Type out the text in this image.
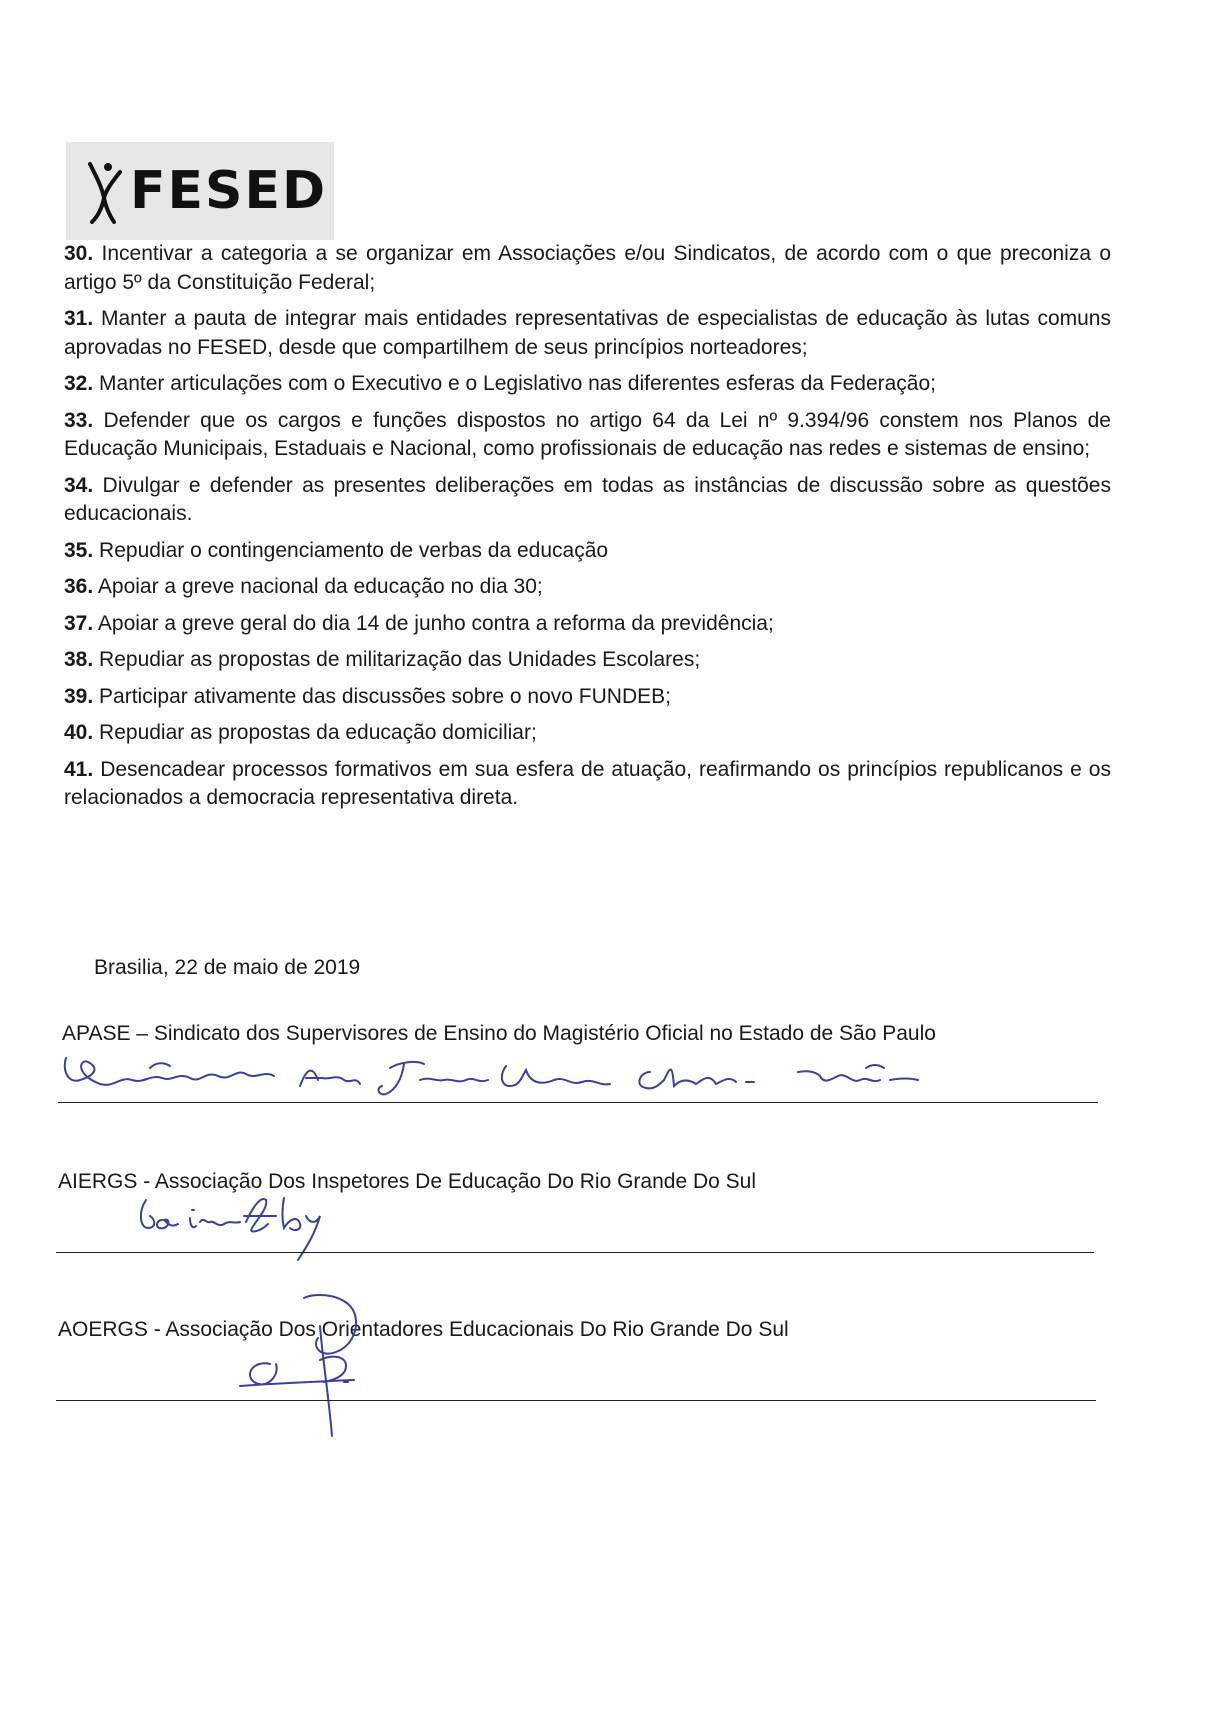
FESED
30. Incentivar a categoria a se organizar em Associações e/ou Sindicatos, de acordo com o que preconiza o artigo 5º da Constituição Federal;
31. Manter a pauta de integrar mais entidades representativas de especialistas de educação às lutas comuns aprovadas no FESED, desde que compartilhem de seus princípios norteadores;
32. Manter articulações com o Executivo e o Legislativo nas diferentes esferas da Federação;
33. Defender que os cargos e funções dispostos no artigo 64 da Lei nº 9.394/96 constem nos Planos de Educação Municipais, Estaduais e Nacional, como profissionais de educação nas redes e sistemas de ensino;
34. Divulgar e defender as presentes deliberações em todas as instâncias de discussão sobre as questões educacionais.
35. Repudiar o contingenciamento de verbas da educação
36. Apoiar a greve nacional da educação no dia 30;
37. Apoiar a greve geral do dia 14 de junho contra a reforma da previdência;
38. Repudiar as propostas de militarização das Unidades Escolares;
39. Participar ativamente das discussões sobre o novo FUNDEB;
40. Repudiar as propostas da educação domiciliar;
41. Desencadear processos formativos em sua esfera de atuação, reafirmando os princípios republicanos e os relacionados a democracia representativa direta.
Brasilia, 22 de maio de 2019
APASE – Sindicato dos Supervisores de Ensino do Magistério Oficial no Estado de São Paulo
AIERGS - Associação Dos Inspetores De Educação Do Rio Grande Do Sul
AOERGS - Associação Dos Orientadores Educacionais Do Rio Grande Do Sul
